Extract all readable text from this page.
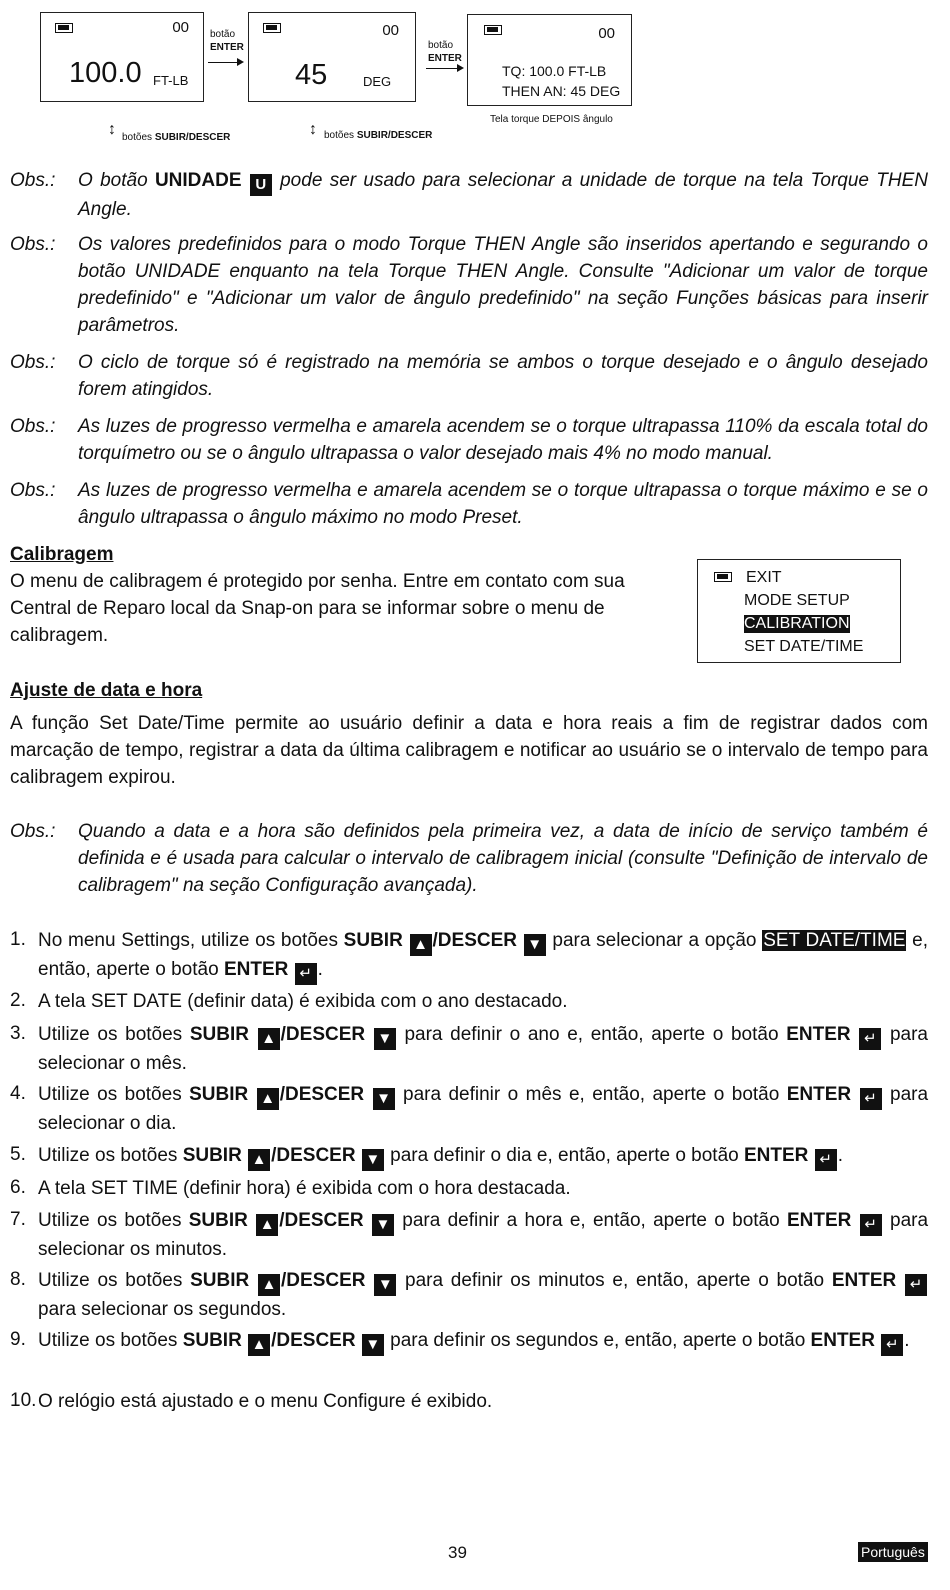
00
100.0 FT-LB
botão
ENTER
00
45	DEG
botão
ENTER
00
TQ: 100.0 FT-LB
THEN AN: 45 DEG
↕ botões SUBIR/DESCER	↕ botões SUBIR/DESCER
Tela torque DEPOIS ângulo
Obs.: O botão UNIDADE U pode ser usado para selecionar a unidade de torque na tela Torque THEN Angle.
Obs.: Os valores predefinidos para o modo Torque THEN Angle são inseridos apertando e segurando o botão UNIDADE enquanto na tela Torque THEN Angle. Consulte "Adicionar um valor de torque predefinido" e "Adicionar um valor de ângulo predefinido" na seção Funções básicas para inserir parâmetros.
Obs.: O ciclo de torque só é registrado na memória se ambos o torque desejado e o ângulo desejado forem atingidos.
Obs.: As luzes de progresso vermelha e amarela acendem se o torque ultrapassa 110% da escala total do torquímetro ou se o ângulo ultrapassa o valor desejado mais 4% no modo manual.
Obs.: As luzes de progresso vermelha e amarela acendem se o torque ultrapassa o torque máximo e se o ângulo ultrapassa o ângulo máximo no modo Preset.
Calibragem
O menu de calibragem é protegido por senha. Entre em contato com sua Central de Reparo local da Snap-on para se informar sobre o menu de calibragem.
EXIT
MODE SETUP
CALIBRATION
SET DATE/TIME
Ajuste de data e hora
A função Set Date/Time permite ao usuário definir a data e hora reais a fim de registrar dados com marcação de tempo, registrar a data da última calibragem e notificar ao usuário se o intervalo de tempo para calibragem expirou.
Obs.: Quando a data e a hora são definidos pela primeira vez, a data de início de serviço também é definida e é usada para calcular o intervalo de calibragem inicial (consulte "Definição de intervalo de calibragem" na seção Configuração avançada).
1. No menu Settings, utilize os botões SUBIR ▲ /DESCER ▼ para selecionar a opção SET DATE/TIME e, então, aperte o botão ENTER ↵ .
2. A tela SET DATE (definir data) é exibida com o ano destacado.
3. Utilize os botões SUBIR ▲ /DESCER ▼ para definir o ano e, então, aperte o botão ENTER ↵ para selecionar o mês.
4. Utilize os botões SUBIR ▲ /DESCER ▼ para definir o mês e, então, aperte o botão ENTER ↵ para selecionar o dia.
5. Utilize os botões SUBIR ▲ /DESCER ▼ para definir o dia e, então, aperte o botão ENTER ↵ .
6. A tela SET TIME (definir hora) é exibida com o hora destacada.
7. Utilize os botões SUBIR ▲ /DESCER ▼ para definir a hora e, então, aperte o botão ENTER ↵ para selecionar os minutos.
8. Utilize os botões SUBIR ▲ /DESCER ▼ para definir os minutos e, então, aperte o botão ENTER ↵ para selecionar os segundos.
9. Utilize os botões SUBIR ▲ /DESCER ▼ para definir os segundos e, então, aperte o botão ENTER ↵ .
10. O relógio está ajustado e o menu Configure é exibido.
39	Português
